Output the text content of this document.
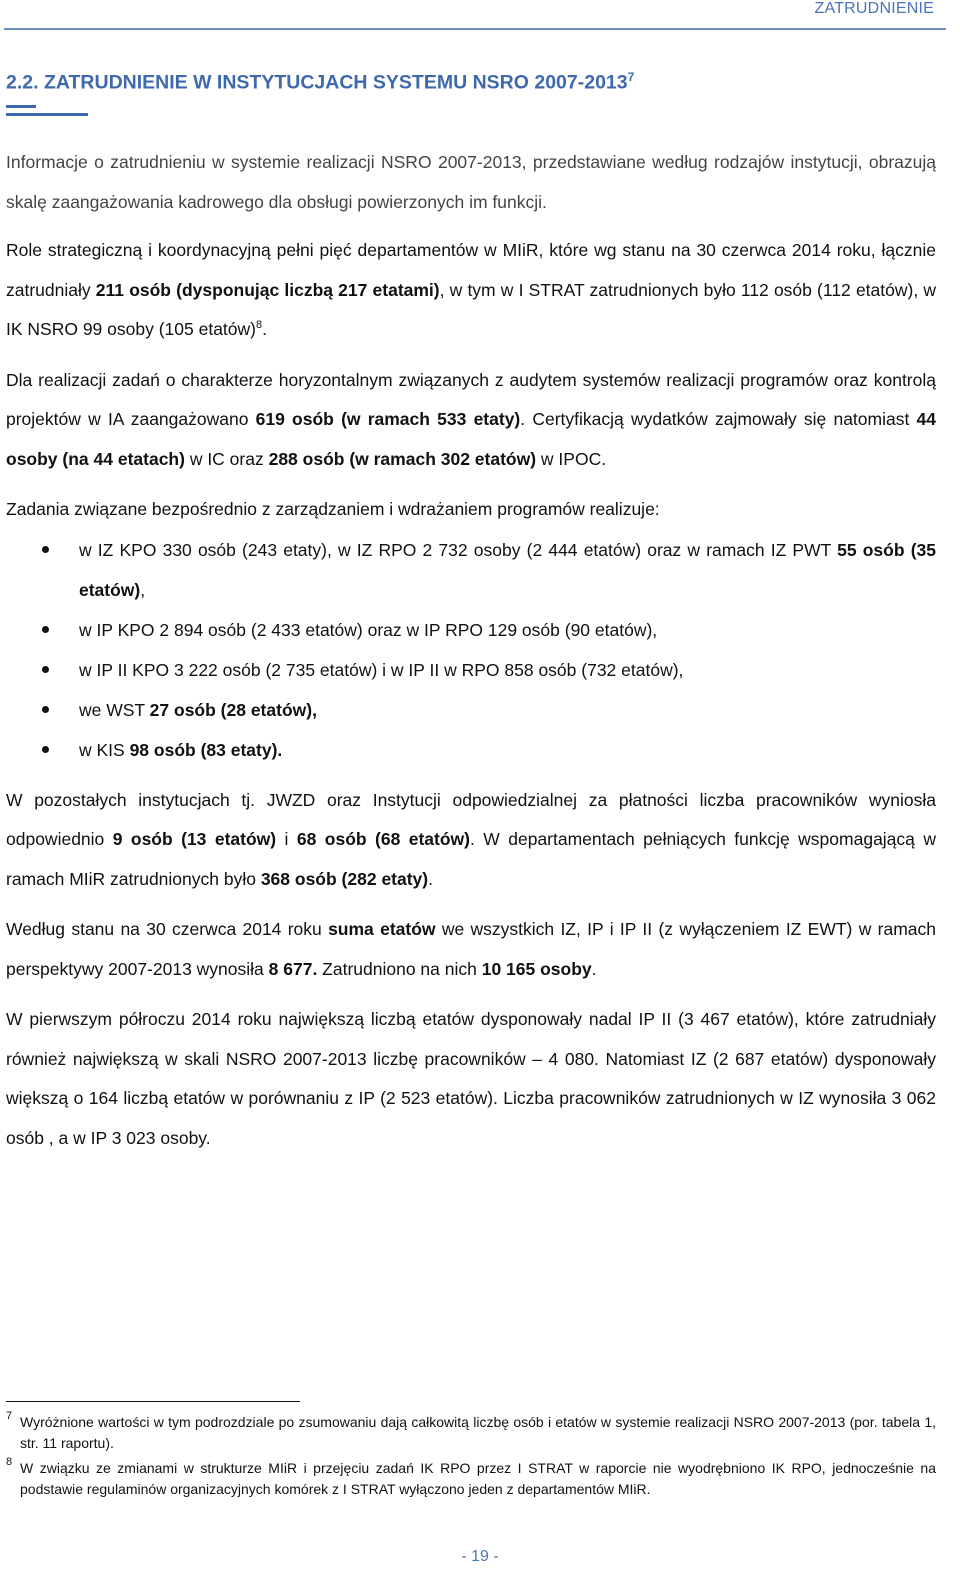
ZATRUDNIENIE
2.2. ZATRUDNIENIE W INSTYTUCJACH SYSTEMU NSRO 2007-2013$^7$

Informacje o zatrudnieniu w systemie realizacji NSRO 2007-2013, przedstawiane według rodzajów instytucji, obrazują skalę zaangażowania kadrowego dla obsługi powierzonych im funkcji.

Role strategiczną i koordynacyjną pełni pięć departamentów w MIiR, które wg stanu na 30 czerwca 2014 roku, łącznie zatrudniały 211 osób (dysponując liczbą 217 etatami), w tym w I STRAT zatrudnionych było 112 osób (112 etatów), w IK NSRO 99 osoby (105 etatów)$^8$.

Dla realizacji zadań o charakterze horyzontalnym związanych z audytem systemów realizacji programów oraz kontrolą projektów w IA zaangażowano 619 osób (w ramach 533 etaty). Certyfikacją wydatków zajmowały się natomiast 44 osoby (na 44 etatach) w IC oraz 288 osób (w ramach 302 etatów) w IPOC.

Zadania związane bezpośrednio z zarządzaniem i wdrażaniem programów realizuje:

w IZ KPO 330 osób (243 etaty), w IZ RPO 2 732 osoby (2 444 etatów) oraz w ramach IZ PWT 55 osób (35 etatów),
w IP KPO 2 894 osób (2 433 etatów) oraz w IP RPO 129 osób (90 etatów),
w IP II KPO 3 222 osób (2 735 etatów) i w IP II w RPO 858 osób (732 etatów),
we WST 27 osób (28 etatów),
w KIS 98 osób (83 etaty).

W pozostałych instytucjach tj. JWZD oraz Instytucji odpowiedzialnej za płatności liczba pracowników wyniosła odpowiednio 9 osób (13 etatów) i 68 osób (68 etatów). W departamentach pełniących funkcję wspomagającą w ramach MIiR zatrudnionych było 368 osób (282 etaty).

Według stanu na 30 czerwca 2014 roku suma etatów we wszystkich IZ, IP i IP II (z wyłączeniem IZ EWT) w ramach perspektywy 2007-2013 wynosiła 8 677. Zatrudniono na nich 10 165 osoby.

W pierwszym półroczu 2014 roku największą liczbą etatów dysponowały nadal IP II (3 467 etatów), które zatrudniały również największą w skali NSRO 2007-2013 liczbę pracowników – 4 080. Natomiast IZ (2 687 etatów) dysponowały większą o 164 liczbą etatów w porównaniu z IP (2 523 etatów). Liczba pracowników zatrudnionych w IZ wynosiła 3 062 osób , a w IP 3 023 osoby.

7 Wyróżnione wartości w tym podrozdziale po zsumowaniu dają całkowitą liczbę osób i etatów w systemie realizacji NSRO 2007-2013 (por. tabela 1, str. 11 raportu).
8 W związku ze zmianami w strukturze MIiR i przejęciu zadań IK RPO przez I STRAT w raporcie nie wyodrębniono IK RPO, jednocześnie na podstawie regulaminów organizacyjnych komórek z I STRAT wyłączono jeden z departamentów MIiR.
- 19 -
